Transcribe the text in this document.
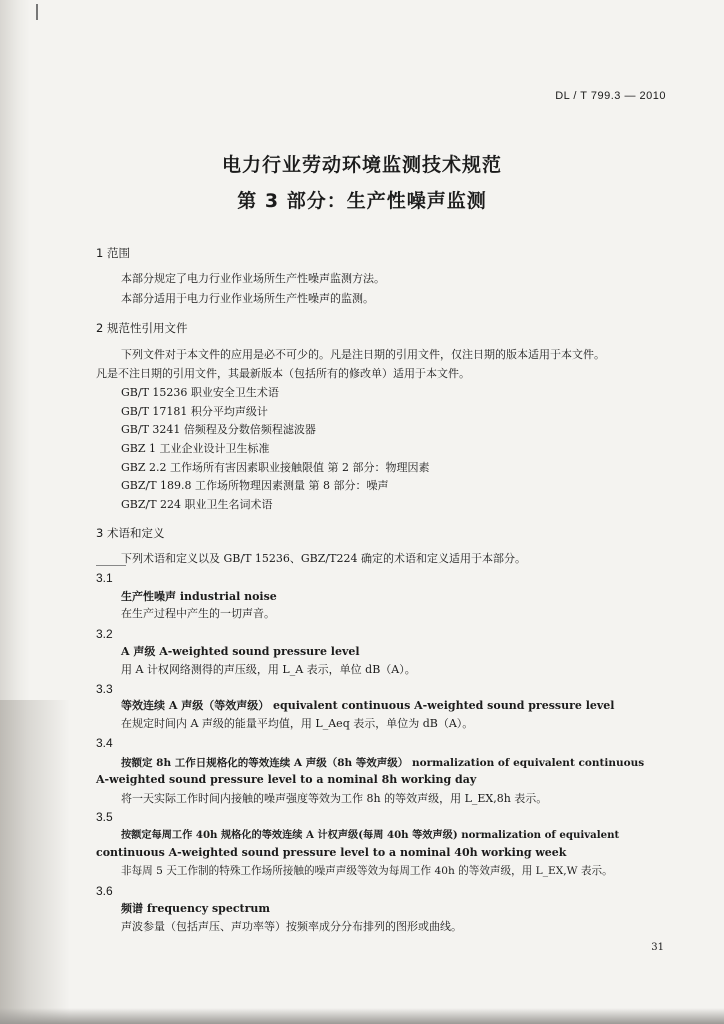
DL / T 799.3 — 2010
电力行业劳动环境监测技术规范
第 3 部分：生产性噪声监测
1 范围
本部分规定了电力行业作业场所生产性噪声监测方法。
本部分适用于电力行业作业场所生产性噪声的监测。
2 规范性引用文件
下列文件对于本文件的应用是必不可少的。凡是注日期的引用文件，仅注日期的版本适用于本文件。
凡是不注日期的引用文件，其最新版本（包括所有的修改单）适用于本文件。
GB/T 15236 职业安全卫生术语
GB/T 17181 积分平均声级计
GB/T 3241 倍频程及分数倍频程滤波器
GBZ 1 工业企业设计卫生标准
GBZ 2.2 工作场所有害因素职业接触限值 第 2 部分：物理因素
GBZ/T 189.8 工作场所物理因素测量 第 8 部分：噪声
GBZ/T 224 职业卫生名词术语
3 术语和定义
下列术语和定义以及 GB/T 15236、GBZ/T224 确定的术语和定义适用于本部分。
3.1
生产性噪声 industrial noise
在生产过程中产生的一切声音。
3.2
A 声级 A-weighted sound pressure level
用 A 计权网络测得的声压级，用 L_A 表示，单位 dB（A）。
3.3
等效连续 A 声级（等效声级） equivalent continuous A-weighted sound pressure level
在规定时间内 A 声级的能量平均值，用 L_Aeq 表示，单位为 dB（A）。
3.4
按额定 8h 工作日规格化的等效连续 A 声级（8h 等效声级） normalization of equivalent continuous
A-weighted sound pressure level to a nominal 8h working day
将一天实际工作时间内接触的噪声强度等效为工作 8h 的等效声级，用 L_EX,8h 表示。
3.5
按额定每周工作 40h 规格化的等效连续 A 计权声级(每周 40h 等效声级) normalization of equivalent
continuous A-weighted sound pressure level to a nominal 40h working week
非每周 5 天工作制的特殊工作场所接触的噪声声级等效为每周工作 40h 的等效声级，用 L_EX,W 表示。
3.6
频谱 frequency spectrum
声波参量（包括声压、声功率等）按频率成分分布排列的图形或曲线。
31
